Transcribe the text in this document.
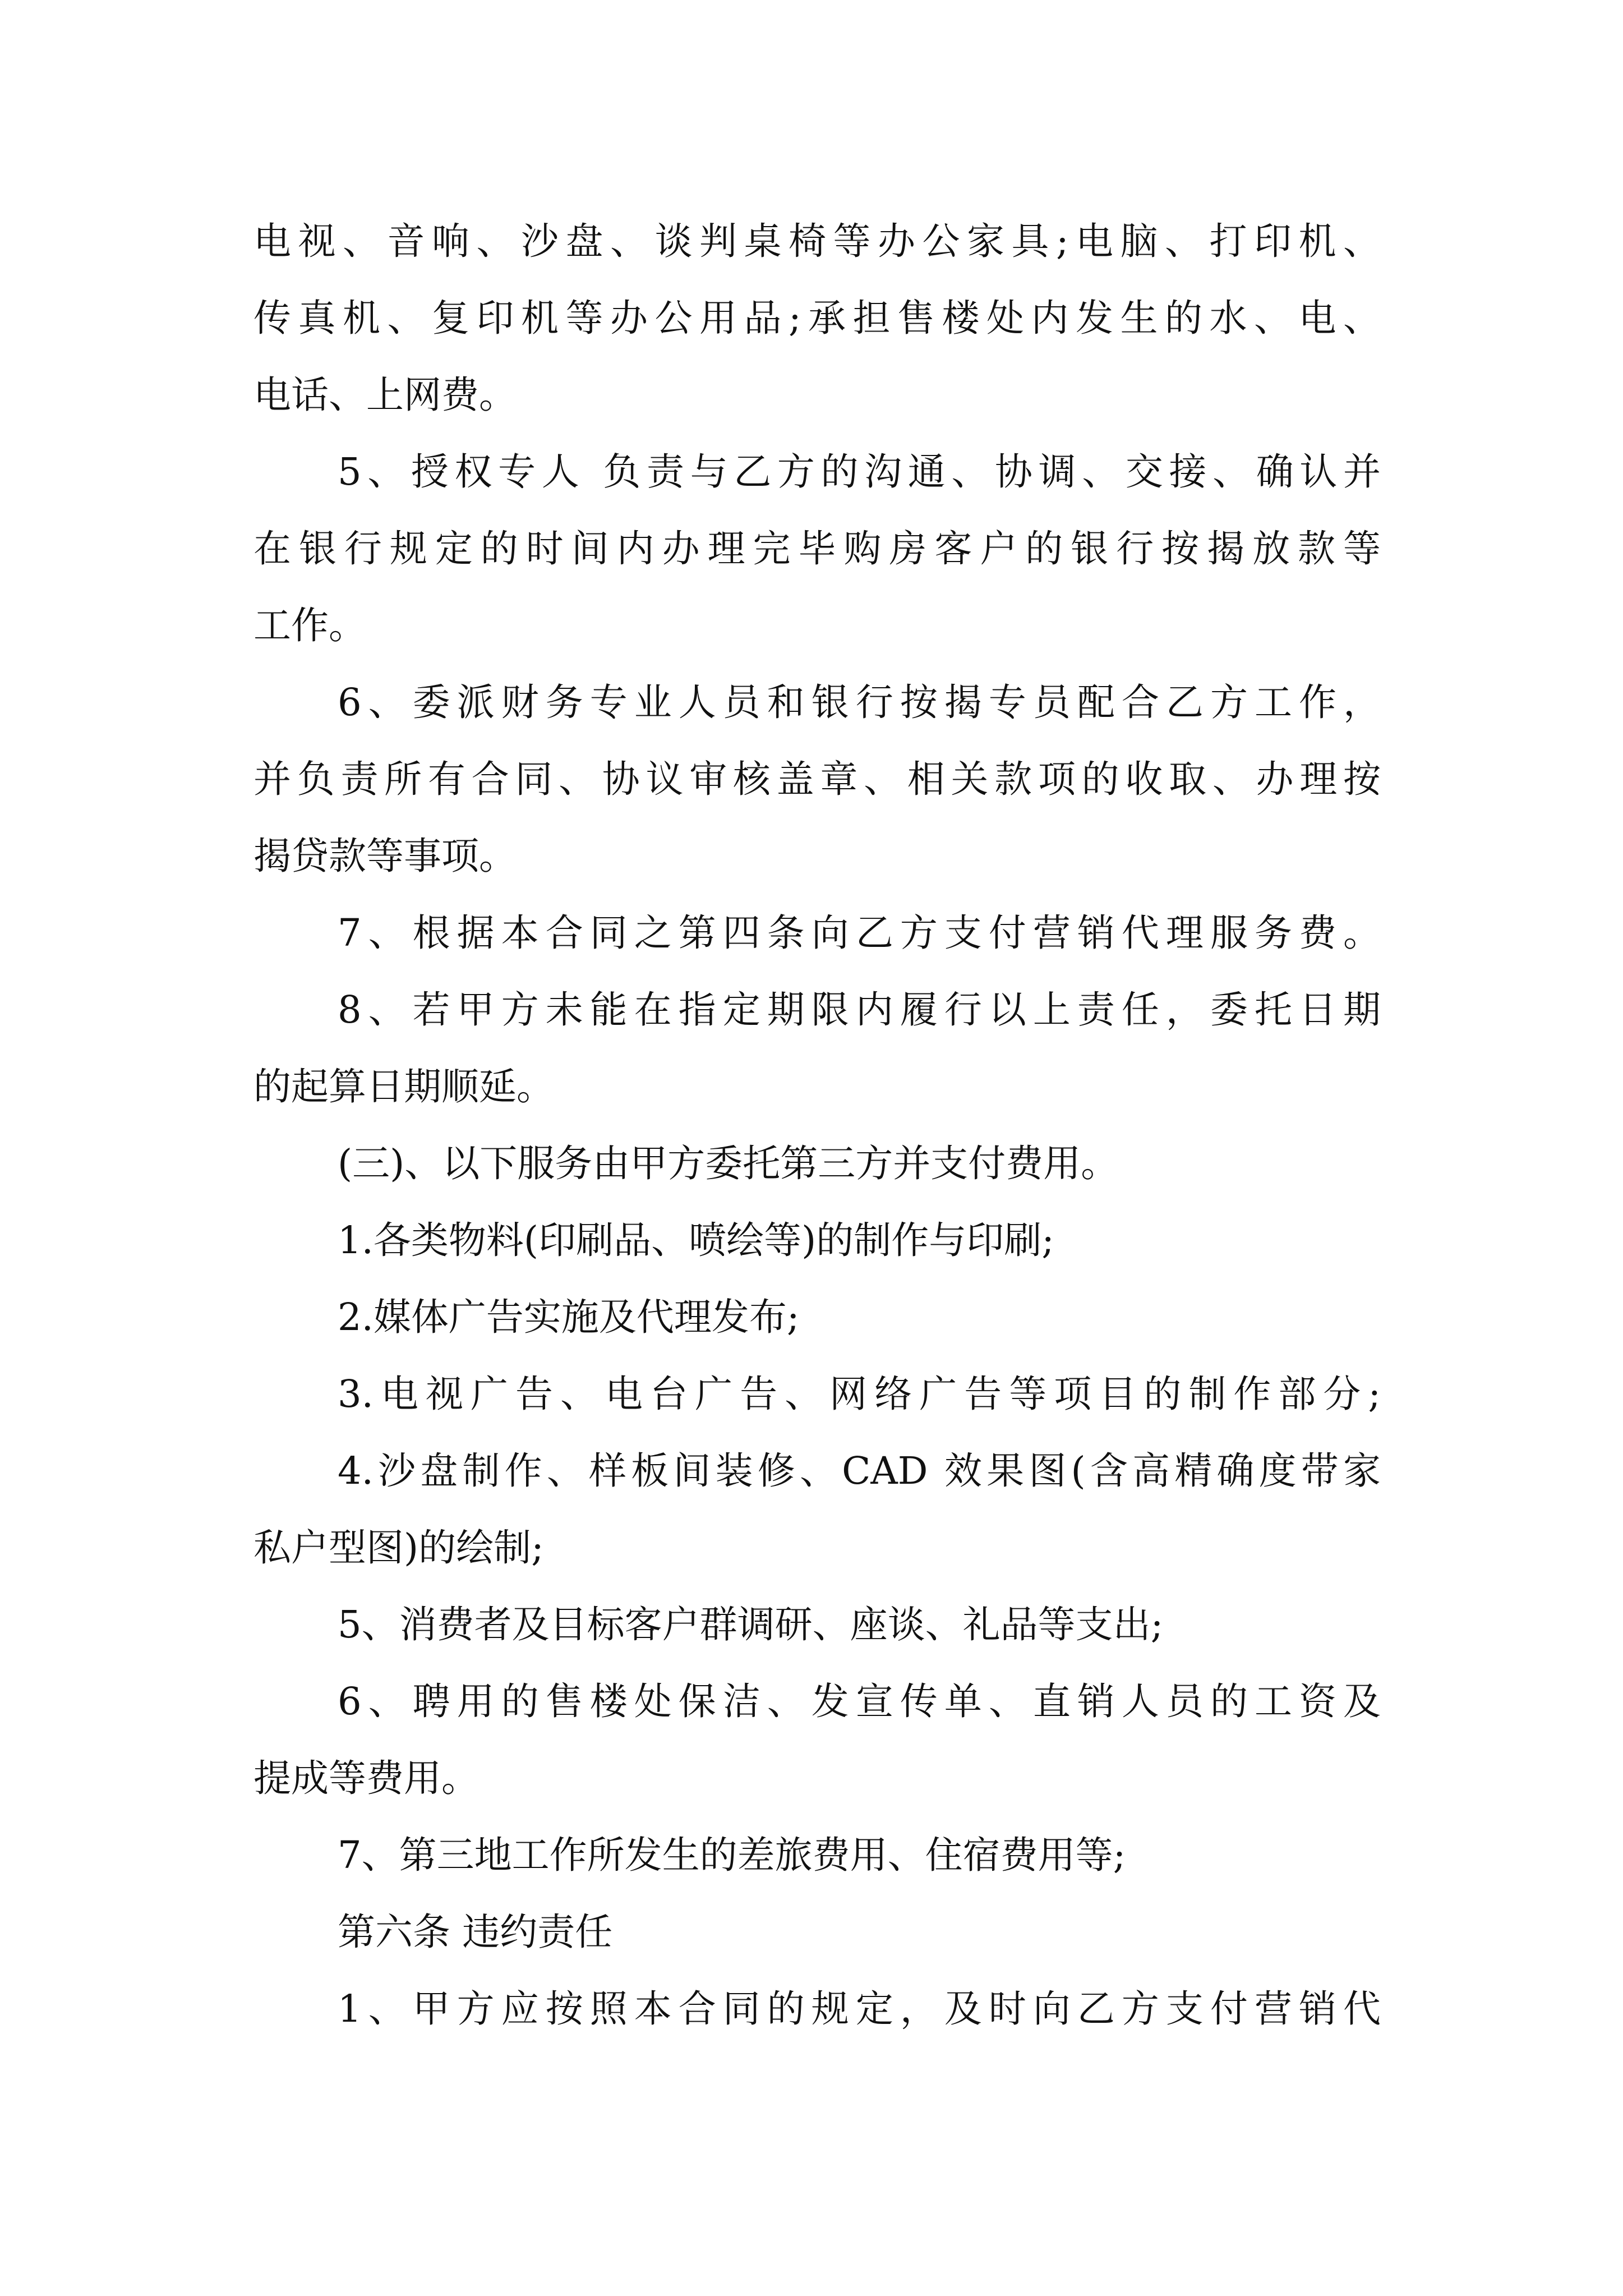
电视、音响、沙盘、谈判桌椅等办公家具;电脑、打印机、
传真机、复印机等办公用品;承担售楼处内发生的水、电、
电话、上网费。
5、授权专人 负责与乙方的沟通、协调、交接、确认并
在银行规定的时间内办理完毕购房客户的银行按揭放款等
工作。
6、委派财务专业人员和银行按揭专员配合乙方工作，
并负责所有合同、协议审核盖章、相关款项的收取、办理按
揭贷款等事项。
7、根据本合同之第四条向乙方支付营销代理服务费。
8、若甲方未能在指定期限内履行以上责任，委托日期
的起算日期顺延。
(三)、以下服务由甲方委托第三方并支付费用。
1.各类物料(印刷品、喷绘等)的制作与印刷;
2.媒体广告实施及代理发布;
3.电视广告、电台广告、网络广告等项目的制作部分;
4.沙盘制作、样板间装修、CAD 效果图(含高精确度带家
私户型图)的绘制;
5、消费者及目标客户群调研、座谈、礼品等支出;
6、聘用的售楼处保洁、发宣传单、直销人员的工资及
提成等费用。
7、第三地工作所发生的差旅费用、住宿费用等;
第六条 违约责任
1、甲方应按照本合同的规定，及时向乙方支付营销代
